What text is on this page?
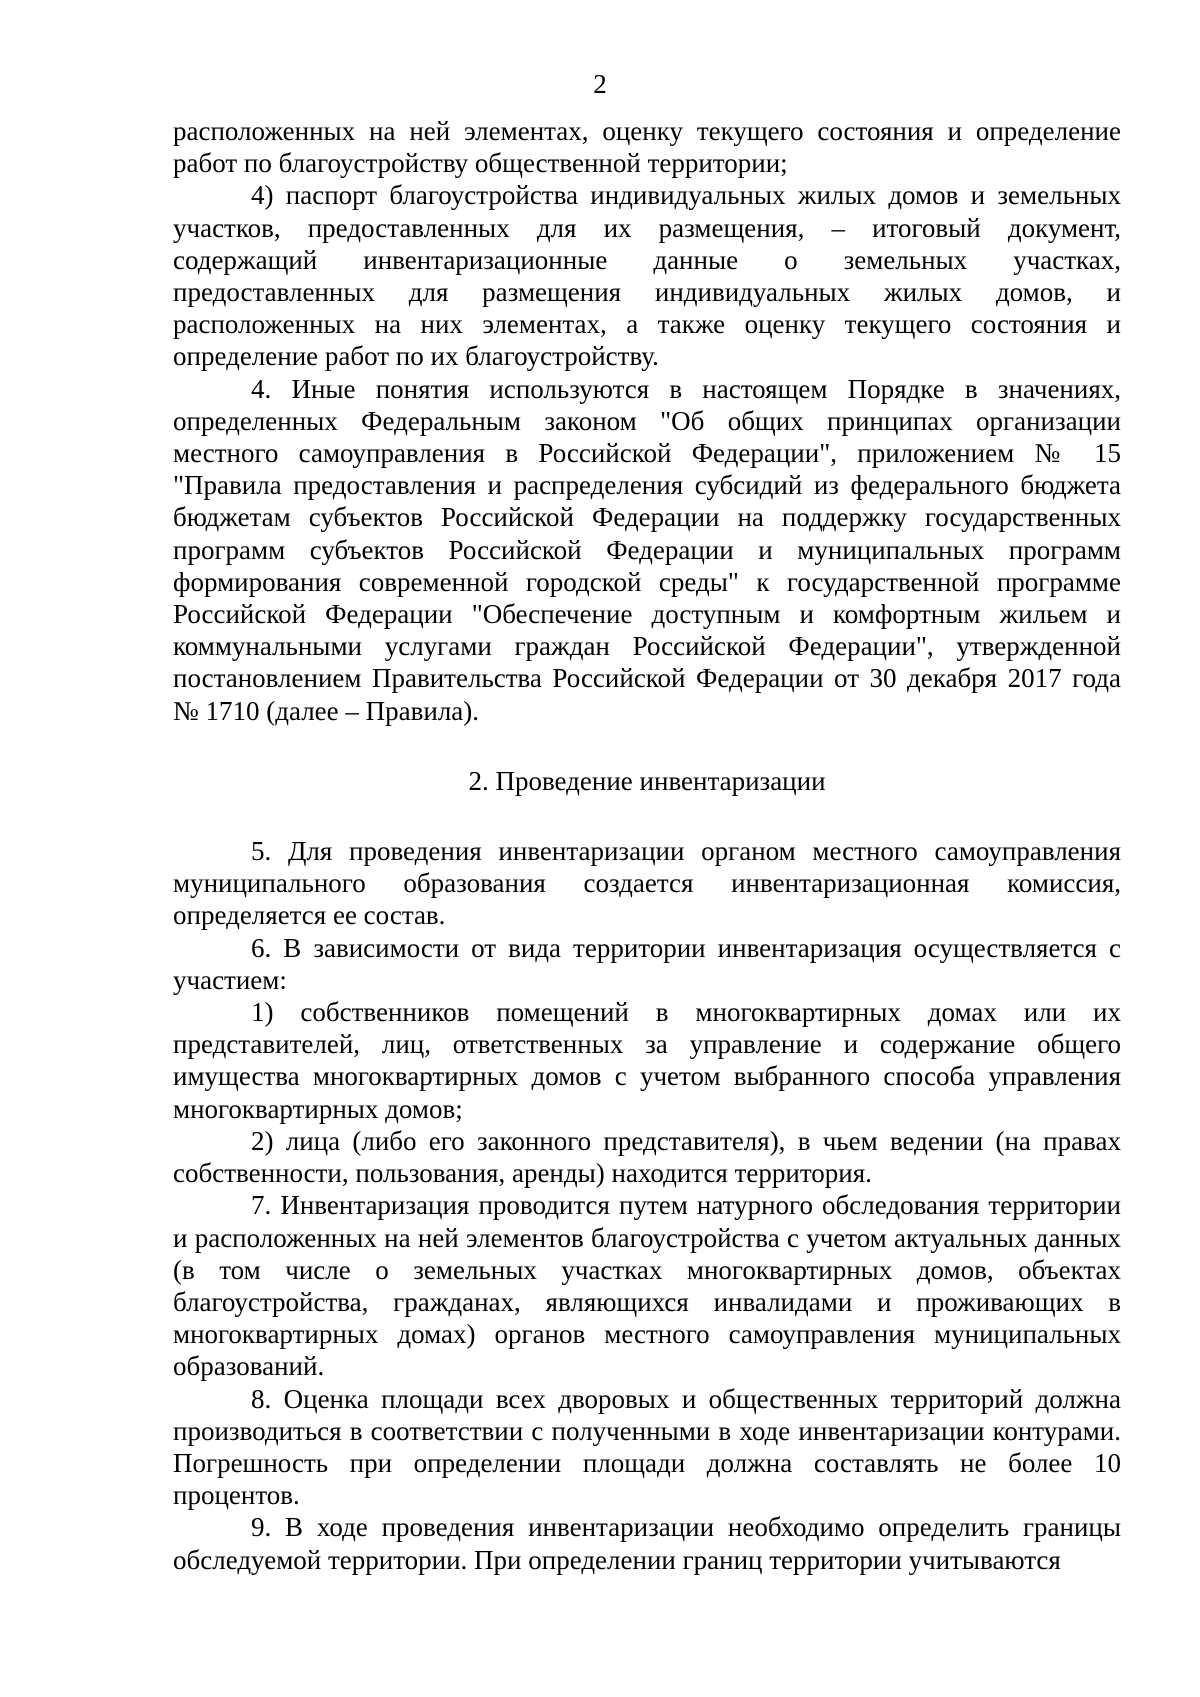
2

расположенных на ней элементах, оценку текущего состояния и определение работ по благоустройству общественной территории;

4) паспорт благоустройства индивидуальных жилых домов и земельных участков, предоставленных для их размещения, – итоговый документ, содержащий инвентаризационные данные о земельных участках, предоставленных для размещения индивидуальных жилых домов, и расположенных на них элементах, а также оценку текущего состояния и определение работ по их благоустройству.

4. Иные понятия используются в настоящем Порядке в значениях, определенных Федеральным законом "Об общих принципах организации местного самоуправления в Российской Федерации", приложением № 15 "Правила предоставления и распределения субсидий из федерального бюджета бюджетам субъектов Российской Федерации на поддержку государственных программ субъектов Российской Федерации и муниципальных программ формирования современной городской среды" к государственной программе Российской Федерации "Обеспечение доступным и комфортным жильем и коммунальными услугами граждан Российской Федерации", утвержденной постановлением Правительства Российской Федерации от 30 декабря 2017 года № 1710 (далее – Правила).

2. Проведение инвентаризации

5. Для проведения инвентаризации органом местного самоуправления муниципального образования создается инвентаризационная комиссия, определяется ее состав.

6. В зависимости от вида территории инвентаризация осуществляется с участием:

1) собственников помещений в многоквартирных домах или их представителей, лиц, ответственных за управление и содержание общего имущества многоквартирных домов с учетом выбранного способа управления многоквартирных домов;

2) лица (либо его законного представителя), в чьем ведении (на правах собственности, пользования, аренды) находится территория.

7. Инвентаризация проводится путем натурного обследования территории и расположенных на ней элементов благоустройства с учетом актуальных данных (в том числе о земельных участках многоквартирных домов, объектах благоустройства, гражданах, являющихся инвалидами и проживающих в многоквартирных домах) органов местного самоуправления муниципальных образований.

8. Оценка площади всех дворовых и общественных территорий должна производиться в соответствии с полученными в ходе инвентаризации контурами. Погрешность при определении площади должна составлять не более 10 процентов.

9. В ходе проведения инвентаризации необходимо определить границы обследуемой территории. При определении границ территории учитываются
